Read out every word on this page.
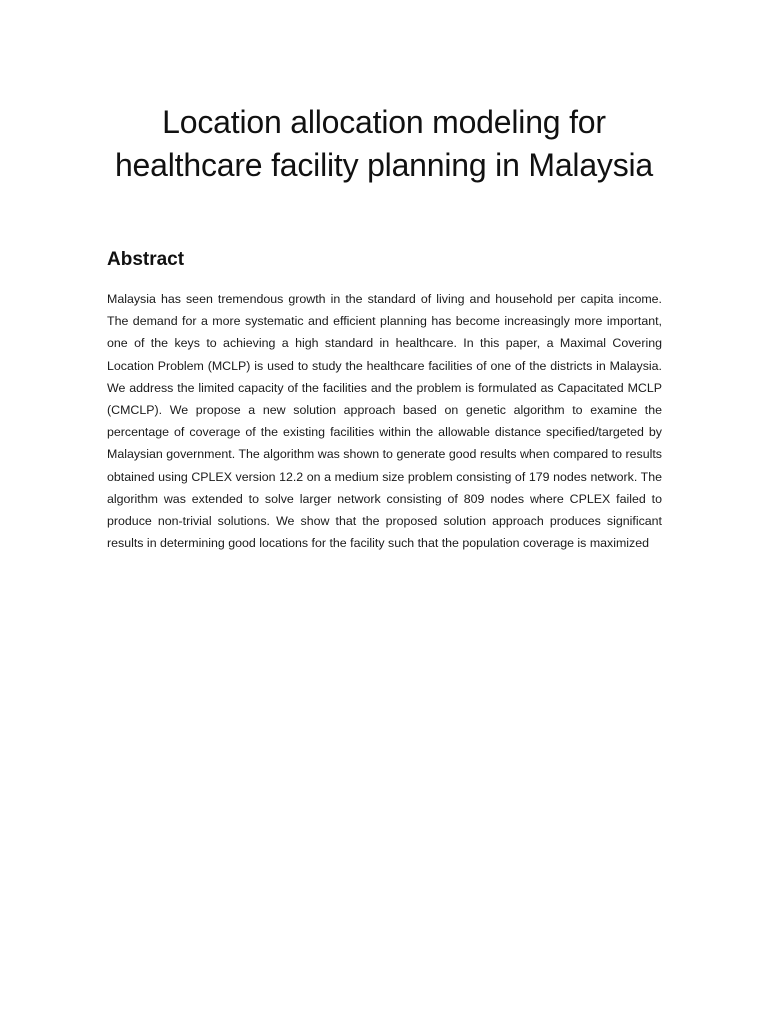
Location allocation modeling for healthcare facility planning in Malaysia
Abstract

Malaysia has seen tremendous growth in the standard of living and household per capita income. The demand for a more systematic and efficient planning has become increasingly more important, one of the keys to achieving a high standard in healthcare. In this paper, a Maximal Covering Location Problem (MCLP) is used to study the healthcare facilities of one of the districts in Malaysia. We address the limited capacity of the facilities and the problem is formulated as Capacitated MCLP (CMCLP). We propose a new solution approach based on genetic algorithm to examine the percentage of coverage of the existing facilities within the allowable distance specified/targeted by Malaysian government. The algorithm was shown to generate good results when compared to results obtained using CPLEX version 12.2 on a medium size problem consisting of 179 nodes network. The algorithm was extended to solve larger network consisting of 809 nodes where CPLEX failed to produce non-trivial solutions. We show that the proposed solution approach produces significant results in determining good locations for the facility such that the population coverage is maximized
